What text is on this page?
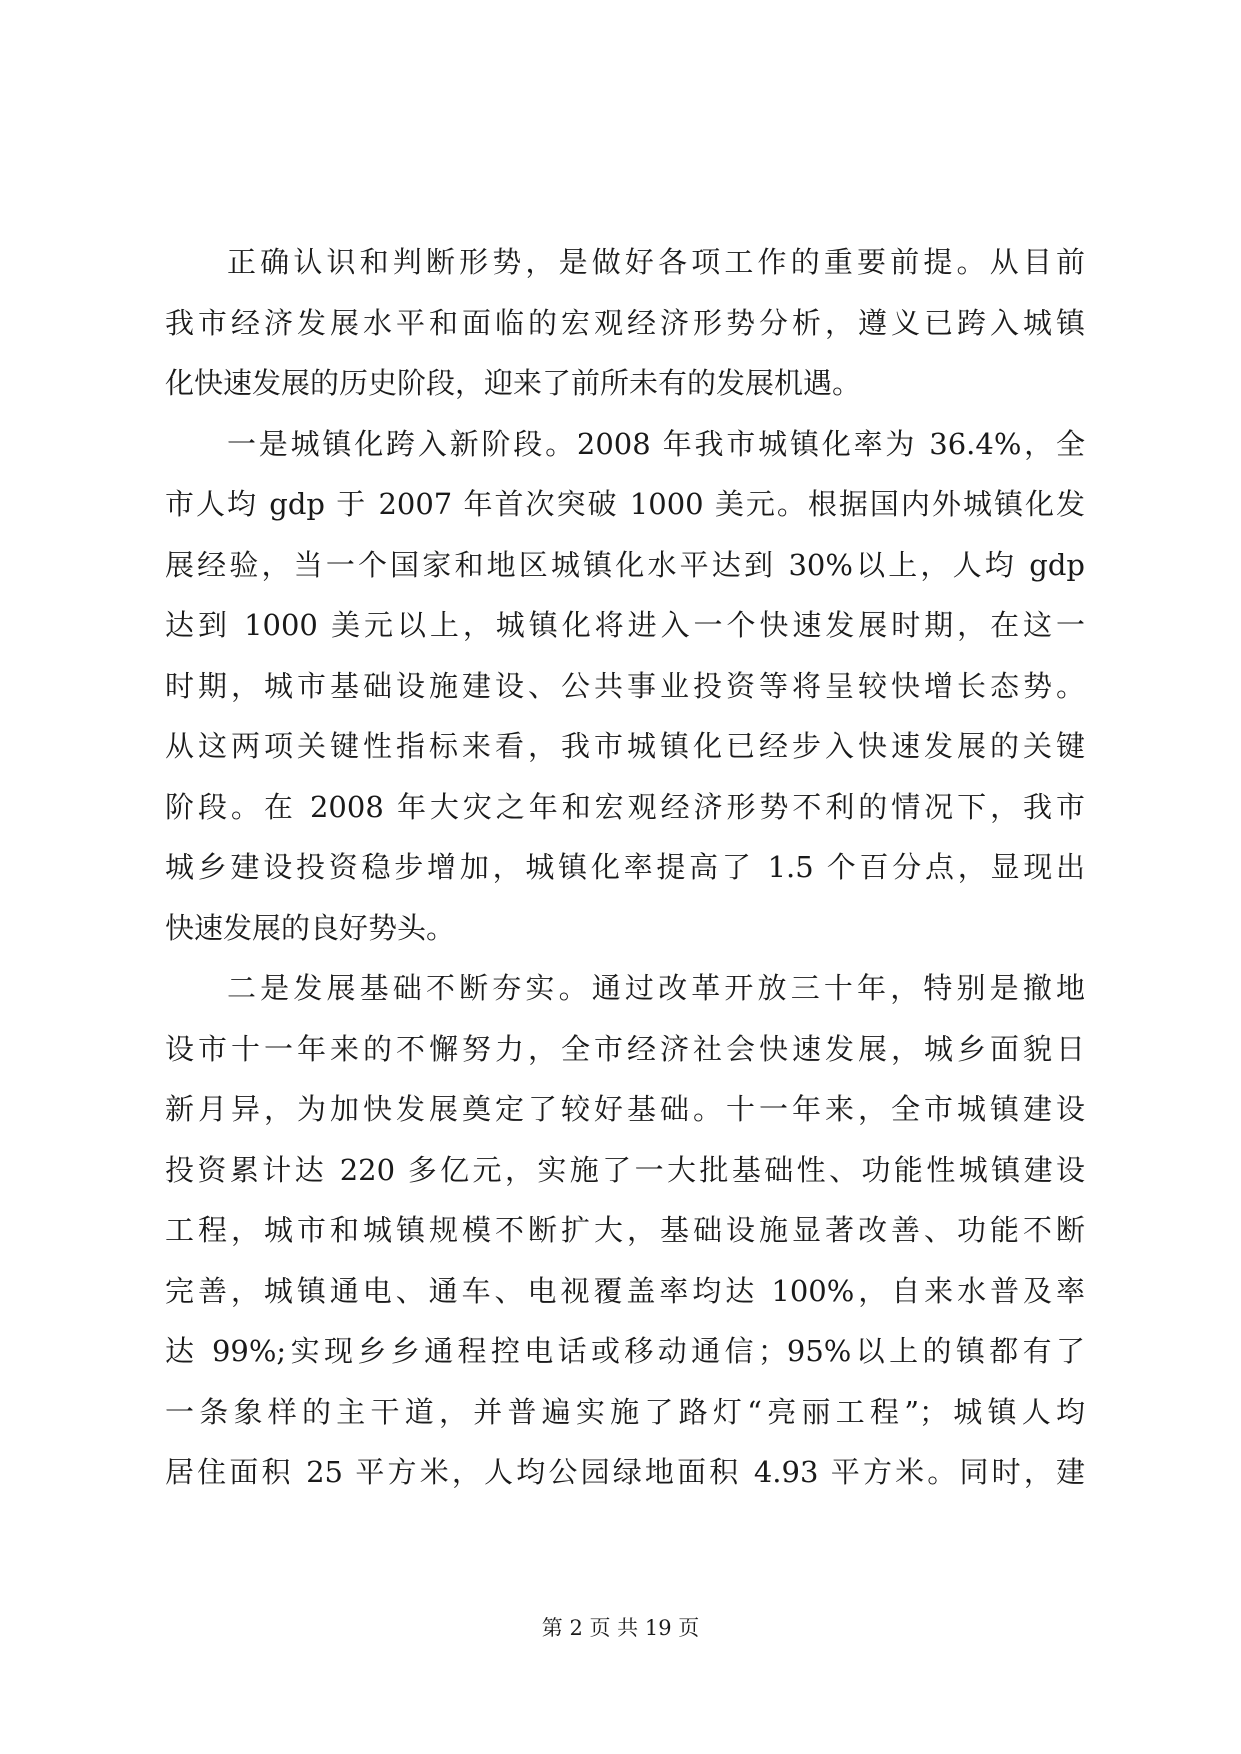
正确认识和判断形势，是做好各项工作的重要前提。从目前
我市经济发展水平和面临的宏观经济形势分析，遵义已跨入城镇
化快速发展的历史阶段，迎来了前所未有的发展机遇。
一是城镇化跨入新阶段。2008 年我市城镇化率为 36.4%，全
市人均 gdp 于 2007 年首次突破 1000 美元。根据国内外城镇化发
展经验，当一个国家和地区城镇化水平达到 30%以上，人均 gdp
达到 1000 美元以上，城镇化将进入一个快速发展时期，在这一
时期，城市基础设施建设、公共事业投资等将呈较快增长态势。
从这两项关键性指标来看，我市城镇化已经步入快速发展的关键
阶段。在 2008 年大灾之年和宏观经济形势不利的情况下，我市
城乡建设投资稳步增加，城镇化率提高了 1.5 个百分点，显现出
快速发展的良好势头。
二是发展基础不断夯实。通过改革开放三十年，特别是撤地
设市十一年来的不懈努力，全市经济社会快速发展，城乡面貌日
新月异，为加快发展奠定了较好基础。十一年来，全市城镇建设
投资累计达 220 多亿元，实施了一大批基础性、功能性城镇建设
工程，城市和城镇规模不断扩大，基础设施显著改善、功能不断
完善，城镇通电、通车、电视覆盖率均达 100%，自来水普及率
达 99%;实现乡乡通程控电话或移动通信；95%以上的镇都有了
一条象样的主干道，并普遍实施了路灯“亮丽工程”；城镇人均
居住面积 25 平方米，人均公园绿地面积 4.93 平方米。同时，建
第 2 页 共 19 页
